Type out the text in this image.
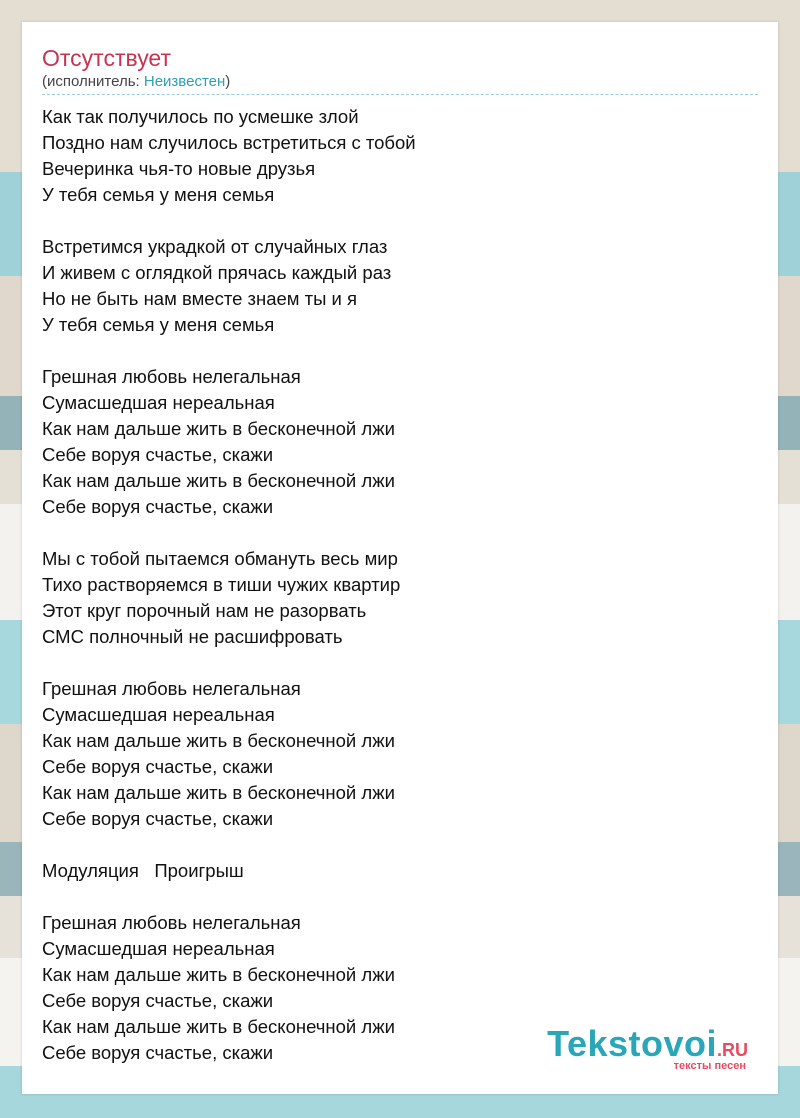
Отсутствует
(исполнитель: Неизвестен)
Как так получилось по усмешке злой
Поздно нам случилось встретиться с тобой
Вечеринка чья-то новые друзья
У тебя семья у меня семья
Встретимся украдкой от случайных глаз
И живем с оглядкой прячась каждый раз
Но не быть нам вместе знаем ты и я
У тебя семья у меня семья
Грешная любовь нелегальная
Сумасшедшая нереальная
Как нам дальше жить в бесконечной лжи
Себе воруя счастье, скажи
Как нам дальше жить в бесконечной лжи
Себе воруя счастье, скажи
Мы с тобой пытаемся обмануть весь мир
Тихо растворяемся в тиши чужих квартир
Этот круг порочный нам не разорвать
СМС полночный не расшифровать
Грешная любовь нелегальная
Сумасшедшая нереальная
Как нам дальше жить в бесконечной лжи
Себе воруя счастье, скажи
Как нам дальше жить в бесконечной лжи
Себе воруя счастье, скажи
Модуляция   Проигрыш
Грешная любовь нелегальная
Сумасшедшая нереальная
Как нам дальше жить в бесконечной лжи
Себе воруя счастье, скажи
Как нам дальше жить в бесконечной лжи
Себе воруя счастье, скажи	Tekstovoi.RU
тексты песен
